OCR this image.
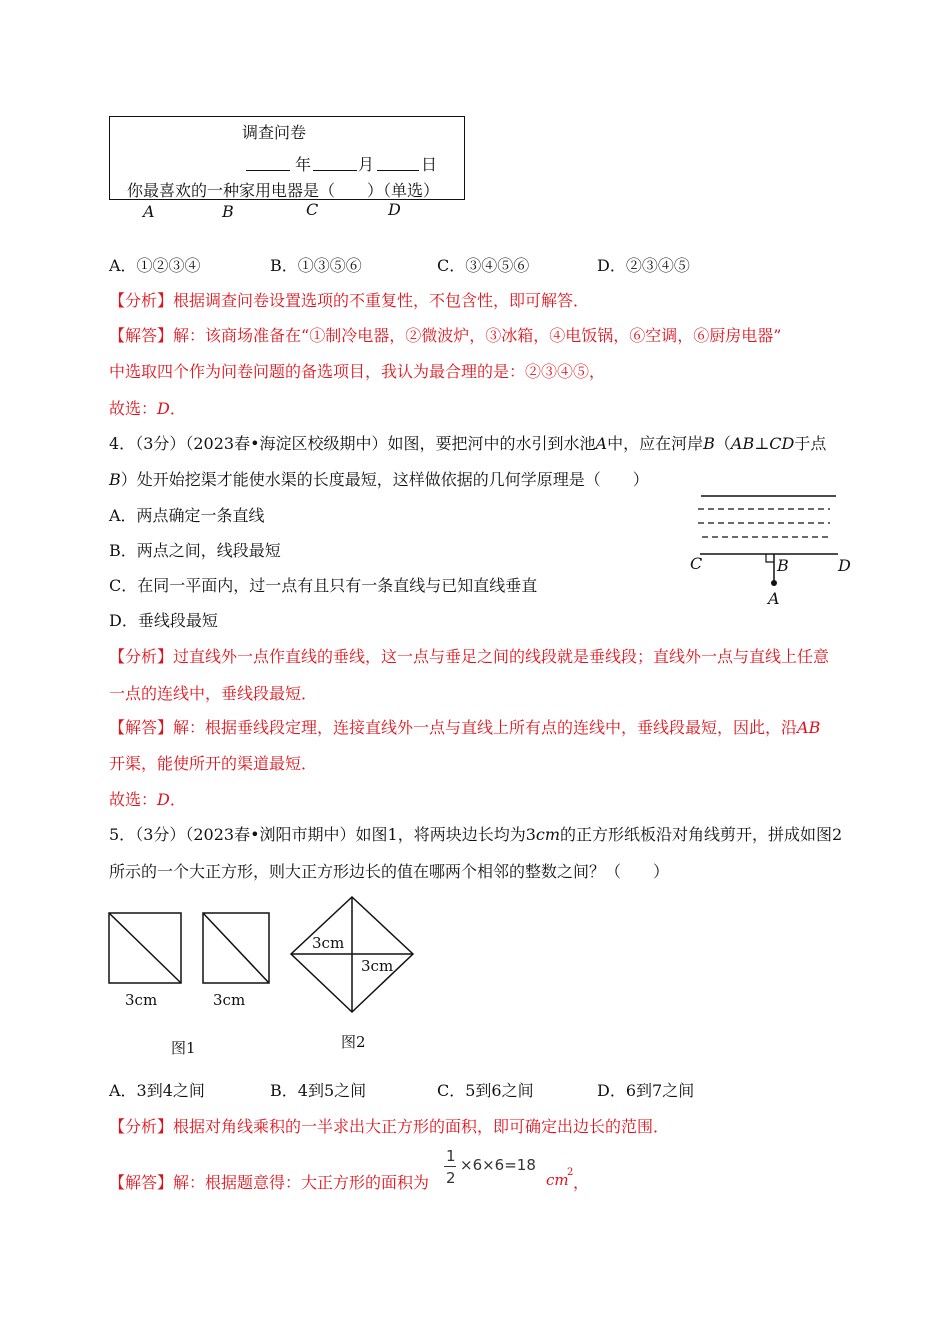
调查问卷
年	月	日
你最喜欢的一种家用电器是（　　）（单选）
A	B	C	D
A．①②③④	B．①③⑤⑥	C．③④⑤⑥	D．②③④⑤
【分析】根据调查问卷设置选项的不重复性，不包含性，即可解答．
【解答】解：该商场准备在“①制冷电器，②微波炉，③冰箱，④电饭锅，⑥空调，⑥厨房电器”
中选取四个作为问卷问题的备选项目，我认为最合理的是：②③④⑤，
故选：D．
4．（3分）（2023春•海淀区校级期中）如图，要把河中的水引到水池A中，应在河岸B（AB⊥CD于点
B）处开始挖渠才能使水渠的长度最短，这样做依据的几何学原理是（　　）
A．两点确定一条直线
B．两点之间，线段最短
C．在同一平面内，过一点有且只有一条直线与已知直线垂直
D．垂线段最短
C	B	D
A
【分析】过直线外一点作直线的垂线，这一点与垂足之间的线段就是垂线段；直线外一点与直线上任意
一点的连线中，垂线段最短．
【解答】解：根据垂线段定理，连接直线外一点与直线上所有点的连线中，垂线段最短，因此，沿AB
开渠，能使所开的渠道最短．
故选：D．
5．（3分）（2023春•浏阳市期中）如图1，将两块边长均为3cm的正方形纸板沿对角线剪开，拼成如图2
所示的一个大正方形，则大正方形边长的值在哪两个相邻的整数之间？（　　）
3cm	3cm
3cm
3cm
图1	图2
A．3到4之间	B．4到5之间	C．5到6之间	D．6到7之间
【分析】根据对角线乘积的一半求出大正方形的面积，即可确定出边长的范围．
【解答】解：根据题意得：大正方形的面积为
1
2
×6×6=18
cm
2
，
